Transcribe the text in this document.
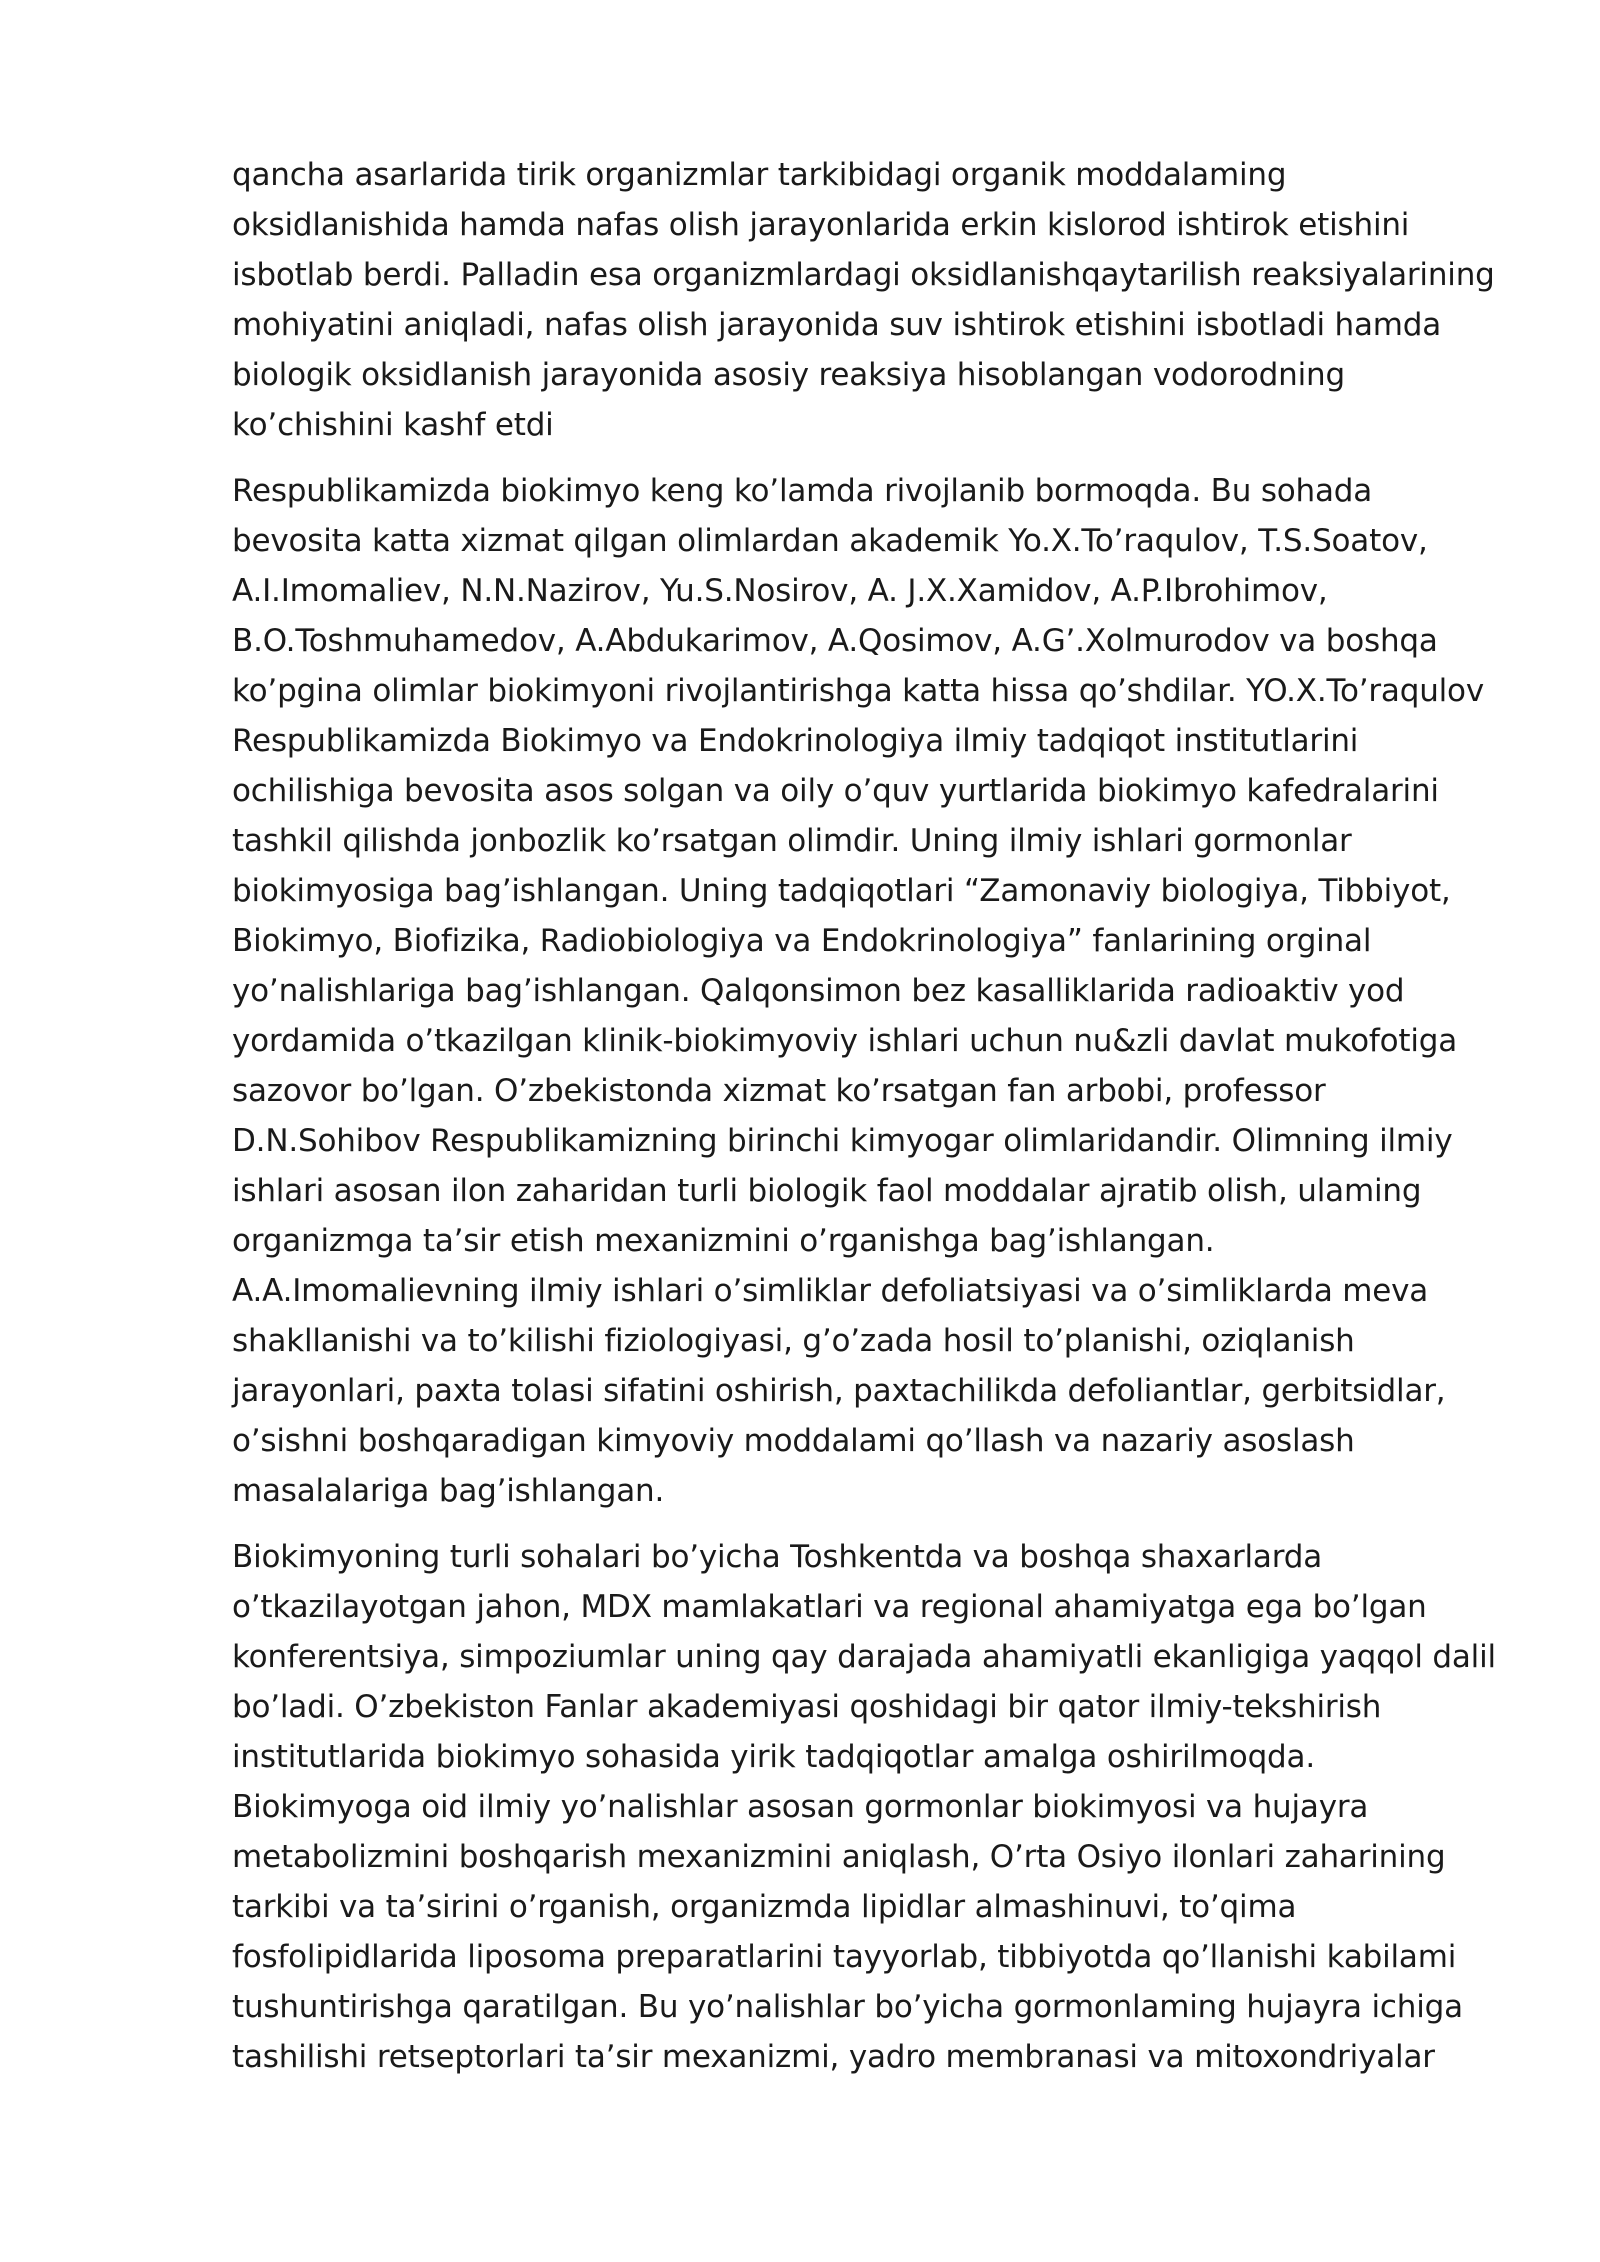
qancha asarlarida tirik organizmlar tarkibidagi organik moddalaming
oksidlanishida hamda nafas olish jarayonlarida erkin kislorod ishtirok etishini
isbotlab berdi. Palladin esa organizmlardagi oksidlanishqaytarilish reaksiyalarining
mohiyatini aniqladi, nafas olish jarayonida suv ishtirok etishini isbotladi hamda
biologik oksidlanish jarayonida asosiy reaksiya hisoblangan vodorodning
ko’chishini kashf etdi

Respublikamizda biokimyo keng ko’lamda rivojlanib bormoqda. Bu sohada
bevosita katta xizmat qilgan olimlardan akademik Yo.X.To’raqulov, T.S.Soatov,
A.I.Imomaliev, N.N.Nazirov, Yu.S.Nosirov, A. J.X.Xamidov, A.P.Ibrohimov,
B.O.Toshmuhamedov, A.Abdukarimov, A.Qosimov, A.G’.Xolmurodov va boshqa
ko’pgina olimlar biokimyoni rivojlantirishga katta hissa qo’shdilar. YO.X.To’raqulov
Respublikamizda Biokimyo va Endokrinologiya ilmiy tadqiqot institutlarini
ochilishiga bevosita asos solgan va oily o’quv yurtlarida biokimyo kafedralarini
tashkil qilishda jonbozlik ko’rsatgan olimdir. Uning ilmiy ishlari gormonlar
biokimyosiga bag’ishlangan. Uning tadqiqotlari “Zamonaviy biologiya, Tibbiyot,
Biokimyo, Biofizika, Radiobiologiya va Endokrinologiya” fanlarining orginal
yo’nalishlariga bag’ishlangan. Qalqonsimon bez kasalliklarida radioaktiv yod
yordamida o’tkazilgan klinik-biokimyoviy ishlari uchun nu&zli davlat mukofotiga
sazovor bo’lgan. O’zbekistonda xizmat ko’rsatgan fan arbobi, professor
D.N.Sohibov Respublikamizning birinchi kimyogar olimlaridandir. Olimning ilmiy
ishlari asosan ilon zaharidan turli biologik faol moddalar ajratib olish, ulaming
organizmga ta’sir etish mexanizmini o’rganishga bag’ishlangan.
A.A.Imomalievning ilmiy ishlari o’simliklar defoliatsiyasi va o’simliklarda meva
shakllanishi va to’kilishi fiziologiyasi, g’o’zada hosil to’planishi, oziqlanish
jarayonlari, paxta tolasi sifatini oshirish, paxtachilikda defoliantlar, gerbitsidlar,
o’sishni boshqaradigan kimyoviy moddalami qo’llash va nazariy asoslash
masalalariga bag’ishlangan.

Biokimyoning turli sohalari bo’yicha Toshkentda va boshqa shaxarlarda
o’tkazilayotgan jahon, MDX mamlakatlari va regional ahamiyatga ega bo’lgan
konferentsiya, simpoziumlar uning qay darajada ahamiyatli ekanligiga yaqqol dalil
bo’ladi. O’zbekiston Fanlar akademiyasi qoshidagi bir qator ilmiy-tekshirish
institutlarida biokimyo sohasida yirik tadqiqotlar amalga oshirilmoqda.
Biokimyoga oid ilmiy yo’nalishlar asosan gormonlar biokimyosi va hujayra
metabolizmini boshqarish mexanizmini aniqlash, O’rta Osiyo ilonlari zaharining
tarkibi va ta’sirini o’rganish, organizmda lipidlar almashinuvi, to’qima
fosfolipidlarida liposoma preparatlarini tayyorlab, tibbiyotda qo’llanishi kabilami
tushuntirishga qaratilgan. Bu yo’nalishlar bo’yicha gormonlaming hujayra ichiga
tashilishi retseptorlari ta’sir mexanizmi, yadro membranasi va mitoxondriyalar
